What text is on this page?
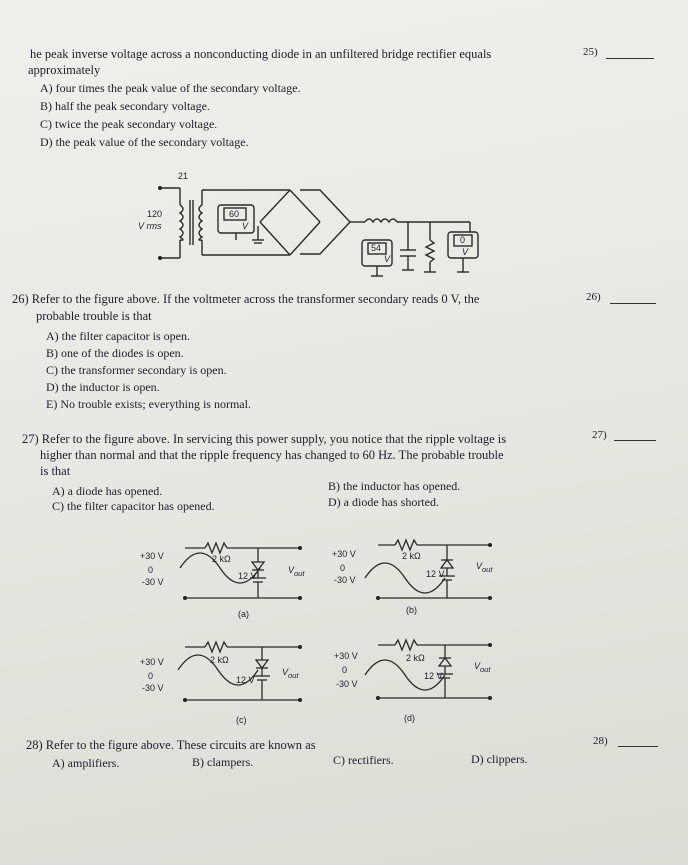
he peak inverse voltage across a nonconducting diode in an unfiltered bridge rectifier equals	25)
approximately
A) four times the peak value of the secondary voltage.
B) half the peak secondary voltage.
C) twice the peak secondary voltage.
D) the peak value of the secondary voltage.
21
120
V rms
60
V
54
V
0
V
26) Refer to the figure above. If the voltmeter across the transformer secondary reads 0 V, the	26)
probable trouble is that
A) the filter capacitor is open.
B) one of the diodes is open.
C) the transformer secondary is open.
D) the inductor is open.
E) No trouble exists; everything is normal.
27) Refer to the figure above. In servicing this power supply, you notice that the ripple voltage is	27)
higher than normal and that the ripple frequency has changed to 60 Hz. The probable trouble
is that
A) a diode has opened.	B) the inductor has opened.
C) the filter capacitor has opened.	D) a diode has shorted.
+30 V
0
-30 V
2 kΩ
12 V
$V_{out}$
(a)
+30 V
0
-30 V
2 kΩ
12 V
$V_{out}$
(b)
+30 V
0
-30 V
2 kΩ
12 V
$V_{out}$
(c)
+30 V
0
-30 V
2 kΩ
12 V
$V_{out}$
(d)
28) Refer to the figure above. These circuits are known as	28)
A) amplifiers.	B) clampers.	C) rectifiers.	D) clippers.
